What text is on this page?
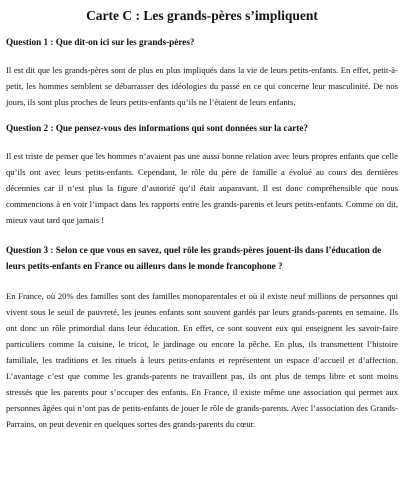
Carte C : Les grands-pères s’impliquent
Question 1 : Que dit-on ici sur les grands-pères?
Il est dit que les grands-pères sont de plus en plus impliqués dans la vie de leurs petits-enfants. En effet, petit-à-petit, les hommes semblent se débarrasser des idéologies du passé en ce qui concerne leur masculinité. De nos jours, ils sont plus proches de leurs petits-enfants qu’ils ne l’étaient de leurs enfants.
Question 2 : Que pensez-vous des informations qui sont données sur la carte?
Il est triste de penser que les hommes n’avaient pas une aussi bonne relation avec leurs propres enfants que celle qu’ils ont avec leurs petits-enfants. Cependant, le rôle du père de famille a évolué au cours des dernières décennies car il n’est plus la figure d’autorité qu’il était auparavant. Il est donc compréhensible que nous commencions à en voir l’impact dans les rapports entre les grands-parents et leurs petits-enfants. Comme on dit, mieux vaut tard que jamais !
Question 3 : Selon ce que vous en savez, quel rôle les grands-pères jouent-ils dans l’éducation de leurs petits-enfants en France ou ailleurs dans le monde francophone ?
En France, où 20% des familles sont des familles monoparentales et où il existe neuf millions de personnes qui vivent sous le seuil de pauvreté, les jeunes enfants sont souvent gardés par leurs grands-parents en semaine. Ils ont donc un rôle primordial dans leur éducation. En effet, ce sont souvent eux qui enseignent les savoir-faire particuliers comme la cuisine, le tricot, le jardinage ou encore la pêche. En plus, ils transmettent l’histoire familiale, les traditions et les rituels à leurs petits-enfants et représentent un espace d’accueil et d’affection. L’avantage c’est que comme les grands-parents ne travaillent pas, ils ont plus de temps libre et sont moins stressés que les parents pour s’occuper des enfants. En France, il existe même une association qui permet aux personnes âgées qui n’ont pas de petits-enfants de jouer le rôle de grands-parents. Avec l’association des Grands-Parrains, on peut devenir en quelques sortes des grands-parents du cœur.
